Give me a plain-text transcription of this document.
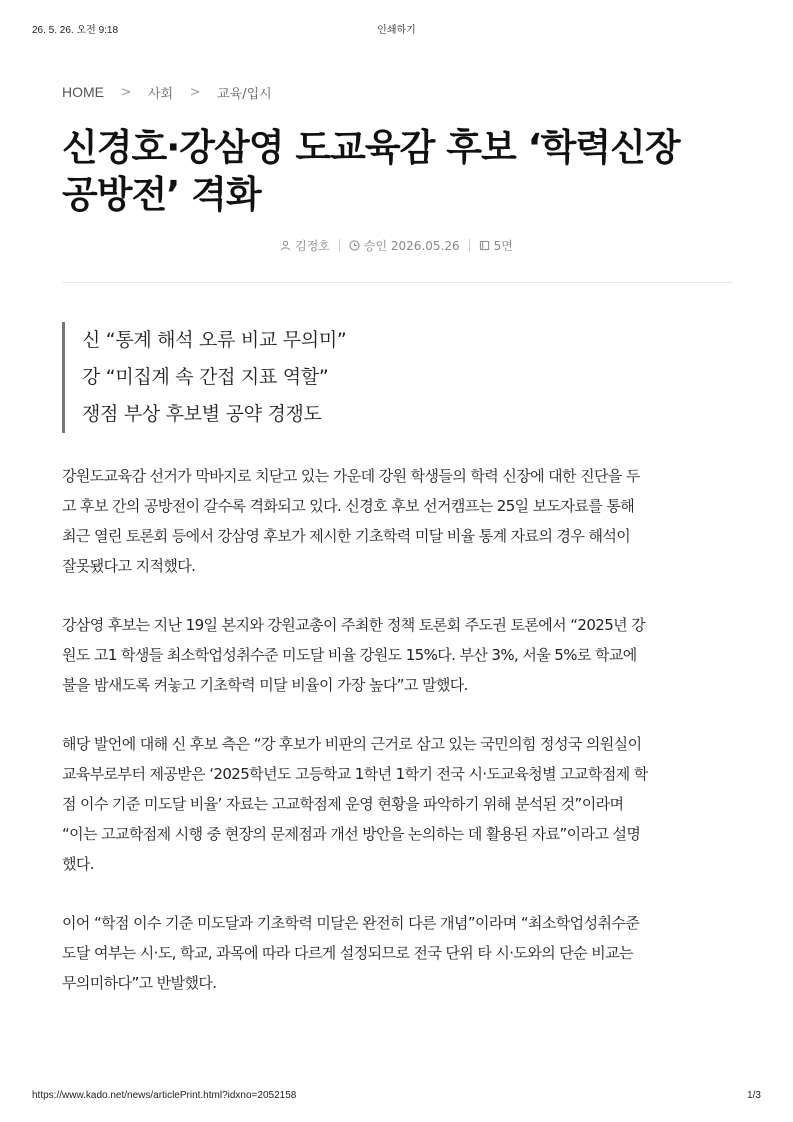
26. 5. 26. 오전 9:18	인쇄하기
HOME	>	사회	>	교육/입시
신경호·강삼영 도교육감 후보 ‘학력신장
공방전’ 격화
김정호	승인 2026.05.26	5면
신 “통계 해석 오류 비교 무의미”
강 “미집계 속 간접 지표 역할”
쟁점 부상 후보별 공약 경쟁도
강원도교육감 선거가 막바지로 치닫고 있는 가운데 강원 학생들의 학력 신장에 대한 진단을 두
고 후보 간의 공방전이 갈수록 격화되고 있다. 신경호 후보 선거캠프는 25일 보도자료를 통해
최근 열린 토론회 등에서 강삼영 후보가 제시한 기초학력 미달 비율 통계 자료의 경우 해석이
잘못됐다고 지적했다.
강삼영 후보는 지난 19일 본지와 강원교총이 주최한 정책 토론회 주도권 토론에서 “2025년 강
원도 고1 학생들 최소학업성취수준 미도달 비율 강원도 15%다. 부산 3%, 서울 5%로 학교에
불을 밤새도록 켜놓고 기초학력 미달 비율이 가장 높다”고 말했다.
해당 발언에 대해 신 후보 측은 “강 후보가 비판의 근거로 삼고 있는 국민의힘 정성국 의원실이
교육부로부터 제공받은 ‘2025학년도 고등학교 1학년 1학기 전국 시·도교육청별 고교학점제 학
점 이수 기준 미도달 비율’ 자료는 고교학점제 운영 현황을 파악하기 위해 분석된 것”이라며
“이는 고교학점제 시행 중 현장의 문제점과 개선 방안을 논의하는 데 활용된 자료”이라고 설명
했다.
이어 “학점 이수 기준 미도달과 기초학력 미달은 완전히 다른 개념”이라며 “최소학업성취수준
도달 여부는 시·도, 학교, 과목에 따라 다르게 설정되므로 전국 단위 타 시·도와의 단순 비교는
무의미하다”고 반발했다.
https://www.kado.net/news/articlePrint.html?idxno=2052158	1/3
